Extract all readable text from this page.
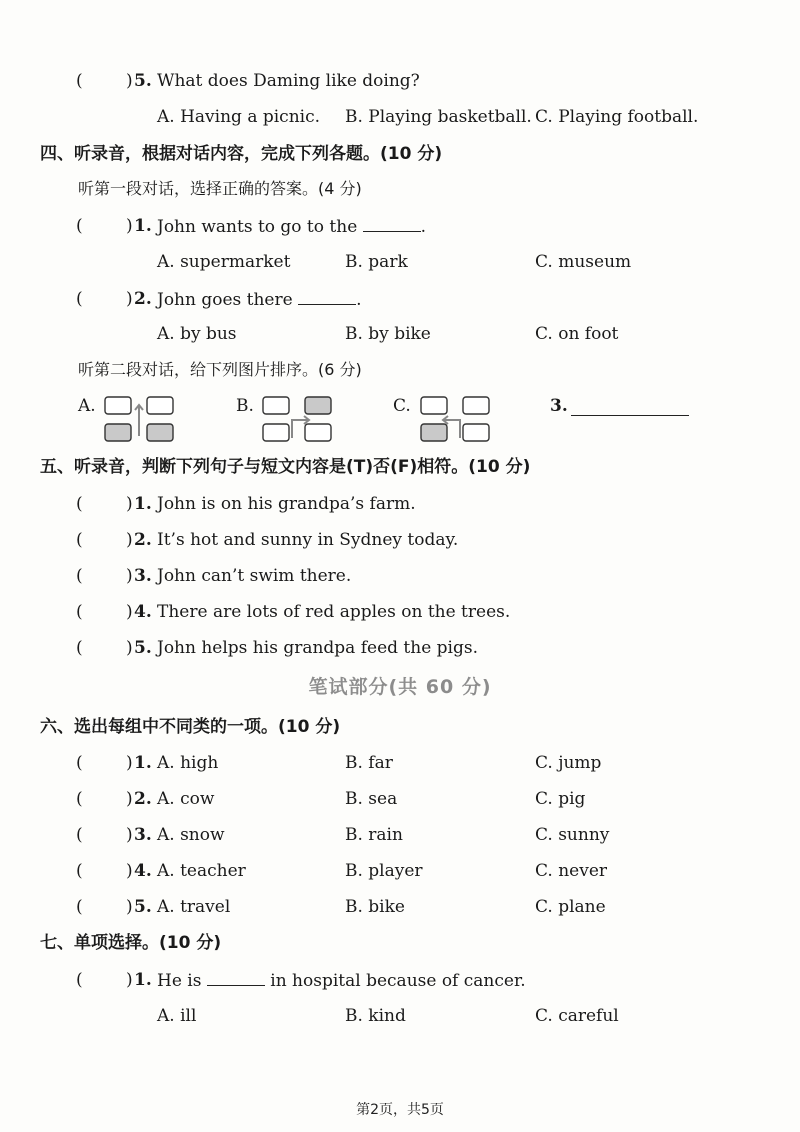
(	) 5. What does Daming like doing?
A. Having a picnic. B. Playing basketball. C. Playing football.
四、听录音，根据对话内容，完成下列各题。(10 分)
听第一段对话，选择正确的答案。(4 分)
(	) 1. John wants to go to the	.
A. supermarket	B. park	C. museum
(	) 2. John goes there	.
A. by bus	B. by bike	C. on foot
听第二段对话，给下列图片排序。(6 分)
A.	B.	C.	3.
五、听录音，判断下列句子与短文内容是(T)否(F)相符。(10 分)
(	) 1. John is on his grandpa’s farm.
(	) 2. It’s hot and sunny in Sydney today.
(	) 3. John can’t swim there.
(	) 4. There are lots of red apples on the trees.
(	) 5. John helps his grandpa feed the pigs.
笔试部分(共 60 分)
六、选出每组中不同类的一项。(10 分)
(	) 1. A. high	B. far	C. jump
(	) 2. A. cow	B. sea	C. pig
(	) 3. A. snow	B. rain	C. sunny
(	) 4. A. teacher	B. player	C. never
(	) 5. A. travel	B. bike	C. plane
七、单项选择。(10 分)
(	) 1. He is	in hospital because of cancer.
A. ill	B. kind	C. careful
第2页，共5页
